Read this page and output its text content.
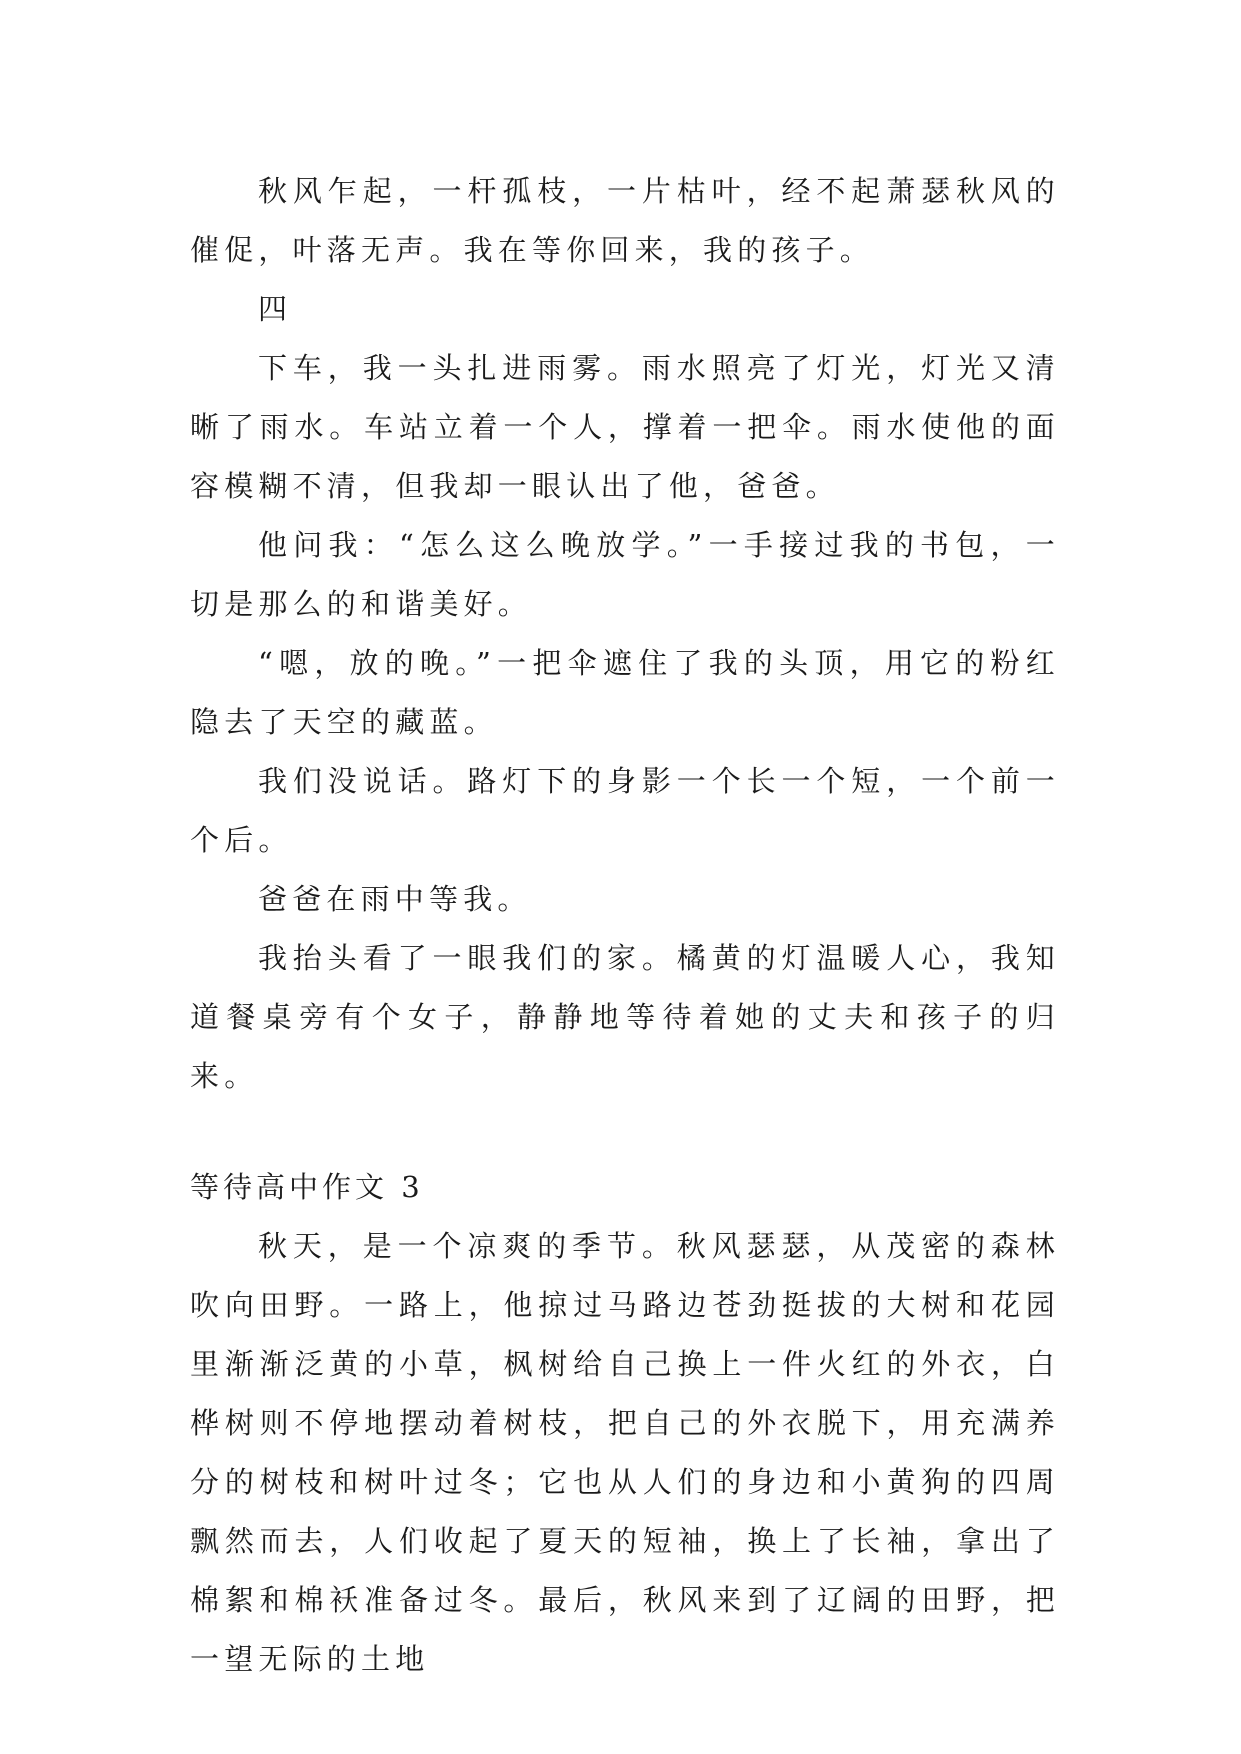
秋风乍起，一杆孤枝，一片枯叶，经不起萧瑟秋风的催促，叶落无声。我在等你回来，我的孩子。

四

下车，我一头扎进雨雾。雨水照亮了灯光，灯光又清晰了雨水。车站立着一个人，撑着一把伞。雨水使他的面容模糊不清，但我却一眼认出了他，爸爸。

他问我：“怎么这么晚放学。”一手接过我的书包，一切是那么的和谐美好。

“嗯，放的晚。”一把伞遮住了我的头顶，用它的粉红隐去了天空的藏蓝。

我们没说话。路灯下的身影一个长一个短，一个前一个后。

爸爸在雨中等我。

我抬头看了一眼我们的家。橘黄的灯温暖人心，我知道餐桌旁有个女子，静静地等待着她的丈夫和孩子的归来。

等待高中作文 3

秋天，是一个凉爽的季节。秋风瑟瑟，从茂密的森林吹向田野。一路上，他掠过马路边苍劲挺拔的大树和花园里渐渐泛黄的小草，枫树给自己换上一件火红的外衣，白桦树则不停地摆动着树枝，把自己的外衣脱下，用充满养分的树枝和树叶过冬；它也从人们的身边和小黄狗的四周飘然而去，人们收起了夏天的短袖，换上了长袖，拿出了棉絮和棉袄准备过冬。最后，秋风来到了辽阔的田野，把一望无际的土地
